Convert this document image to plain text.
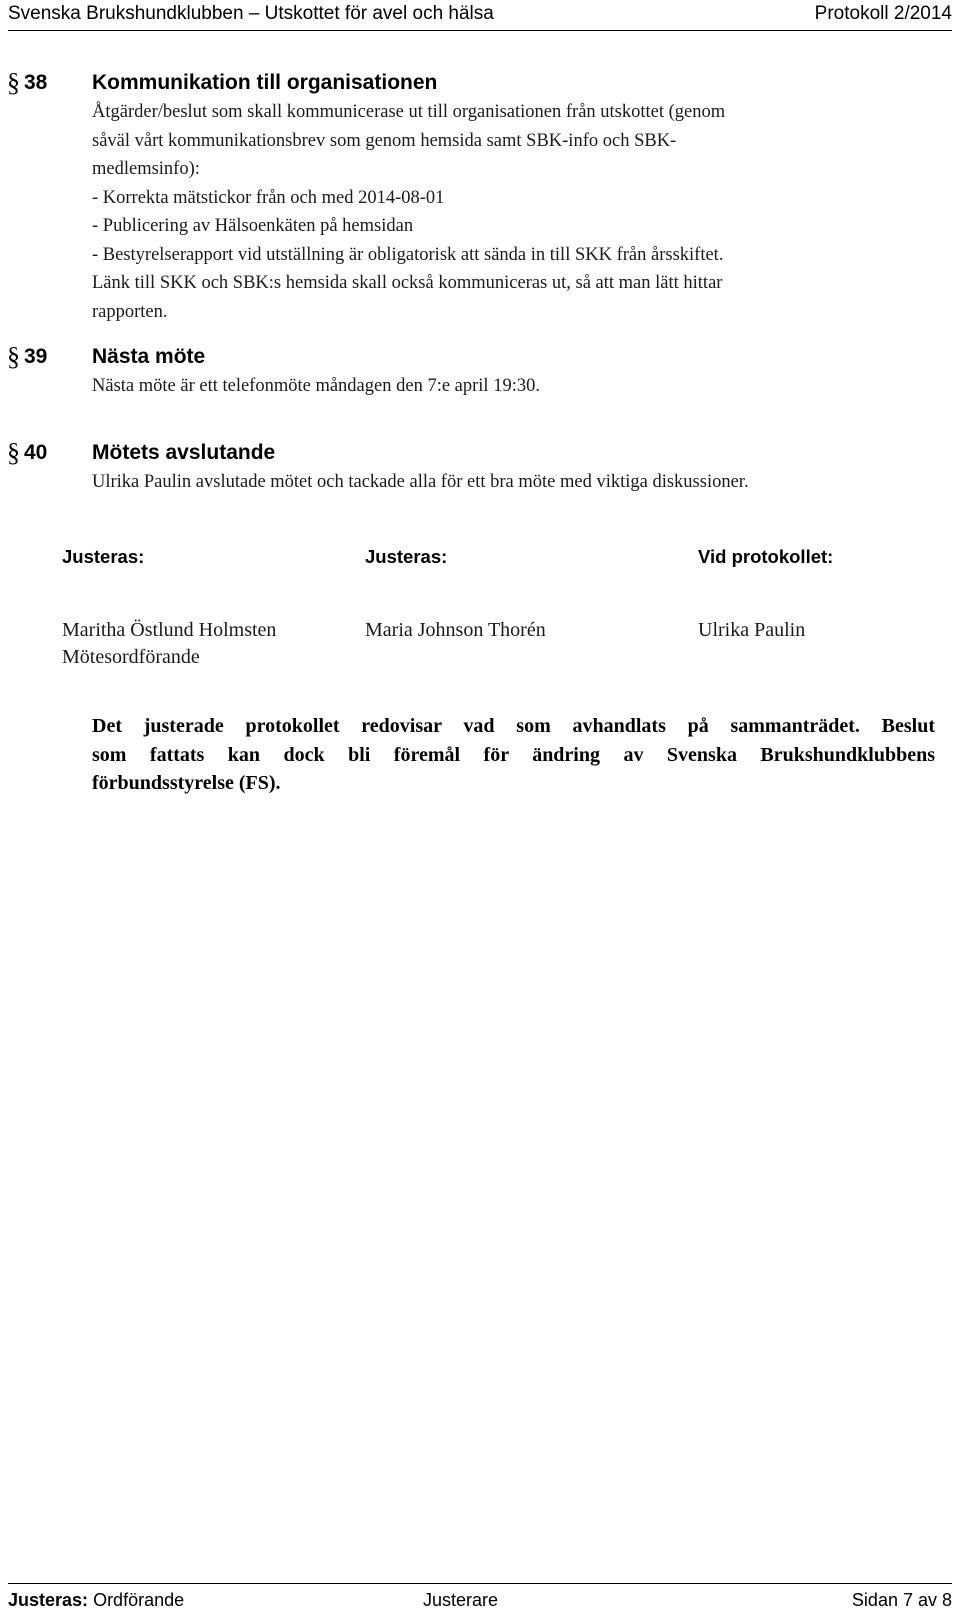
Svenska Brukshundklubben – Utskottet för avel och hälsa	Protokoll 2/2014
§ 38 Kommunikation till organisationen
Åtgärder/beslut som skall kommunicerase ut till organisationen från utskottet (genom
såväl vårt kommunikationsbrev som genom hemsida samt SBK-info och SBK-
medlemsinfo):
- Korrekta mätstickor från och med 2014-08-01
- Publicering av Hälsoenkäten på hemsidan
- Bestyrelserapport vid utställning är obligatorisk att sända in till SKK från årsskiftet.
Länk till SKK och SBK:s hemsida skall också kommuniceras ut, så att man lätt hittar
rapporten.
§ 39 Nästa möte
Nästa möte är ett telefonmöte måndagen den 7:e april 19:30.
§ 40 Mötets avslutande
Ulrika Paulin avslutade mötet och tackade alla för ett bra möte med viktiga diskussioner.
Justeras:	Justeras:	Vid protokollet:
Maritha Östlund Holmsten	Maria Johnson Thorén	Ulrika Paulin
Mötesordförande
Det justerade protokollet redovisar vad som avhandlats på sammanträdet. Beslut
som fattats kan dock bli föremål för ändring av Svenska Brukshundklubbens
förbundsstyrelse (FS).
Justeras: Ordförande	Justerare	Sidan 7 av 8
